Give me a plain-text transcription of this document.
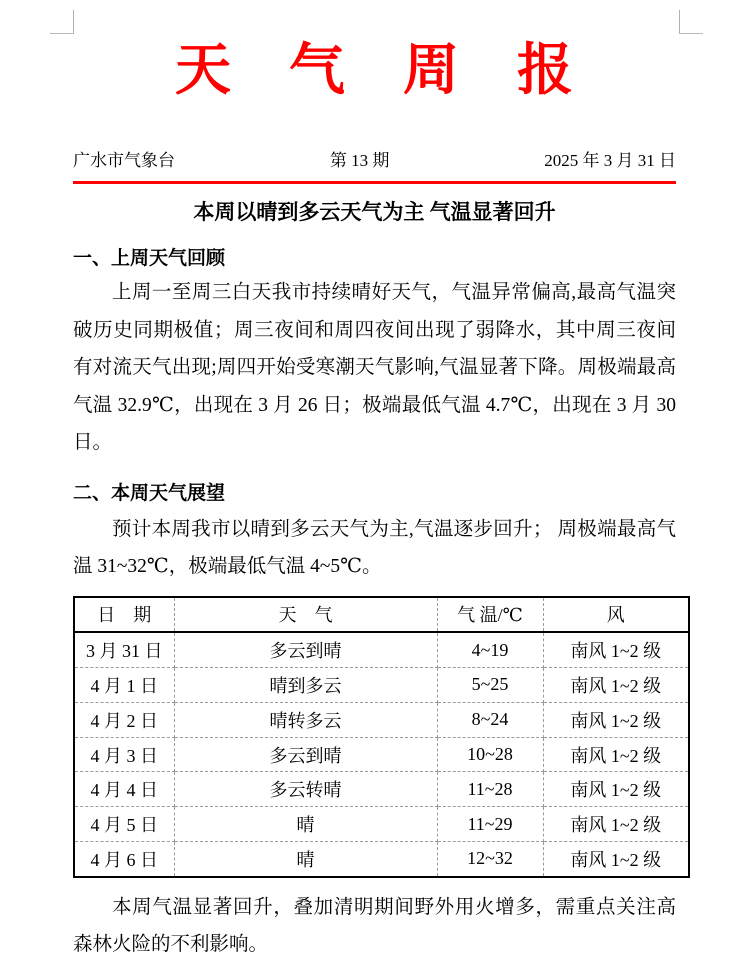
天　气　周　报
广水市气象台	第 13 期	2025 年 3 月 31 日
本周以晴到多云天气为主 气温显著回升
一、上周天气回顾

上周一至周三白天我市持续晴好天气，气温异常偏高,最高气温突破历史同期极值；周三夜间和周四夜间出现了弱降水，其中周三夜间有对流天气出现;周四开始受寒潮天气影响,气温显著下降。周极端最高气温 32.9℃，出现在 3 月 26 日；极端最低气温 4.7℃，出现在 3 月 30 日。

二、本周天气展望

预计本周我市以晴到多云天气为主,气温逐步回升； 周极端最高气温 31~32℃，极端最低气温 4~5℃。

日　期	天　气	气 温/℃	风
3 月 31 日	多云到晴	4~19	南风 1~2 级
4 月 1 日	晴到多云	5~25	南风 1~2 级
4 月 2 日	晴转多云	8~24	南风 1~2 级
4 月 3 日	多云到晴	10~28	南风 1~2 级
4 月 4 日	多云转晴	11~28	南风 1~2 级
4 月 5 日	晴	11~29	南风 1~2 级
4 月 6 日	晴	12~32	南风 1~2 级

本周气温显著回升，叠加清明期间野外用火增多，需重点关注高森林火险的不利影响。
